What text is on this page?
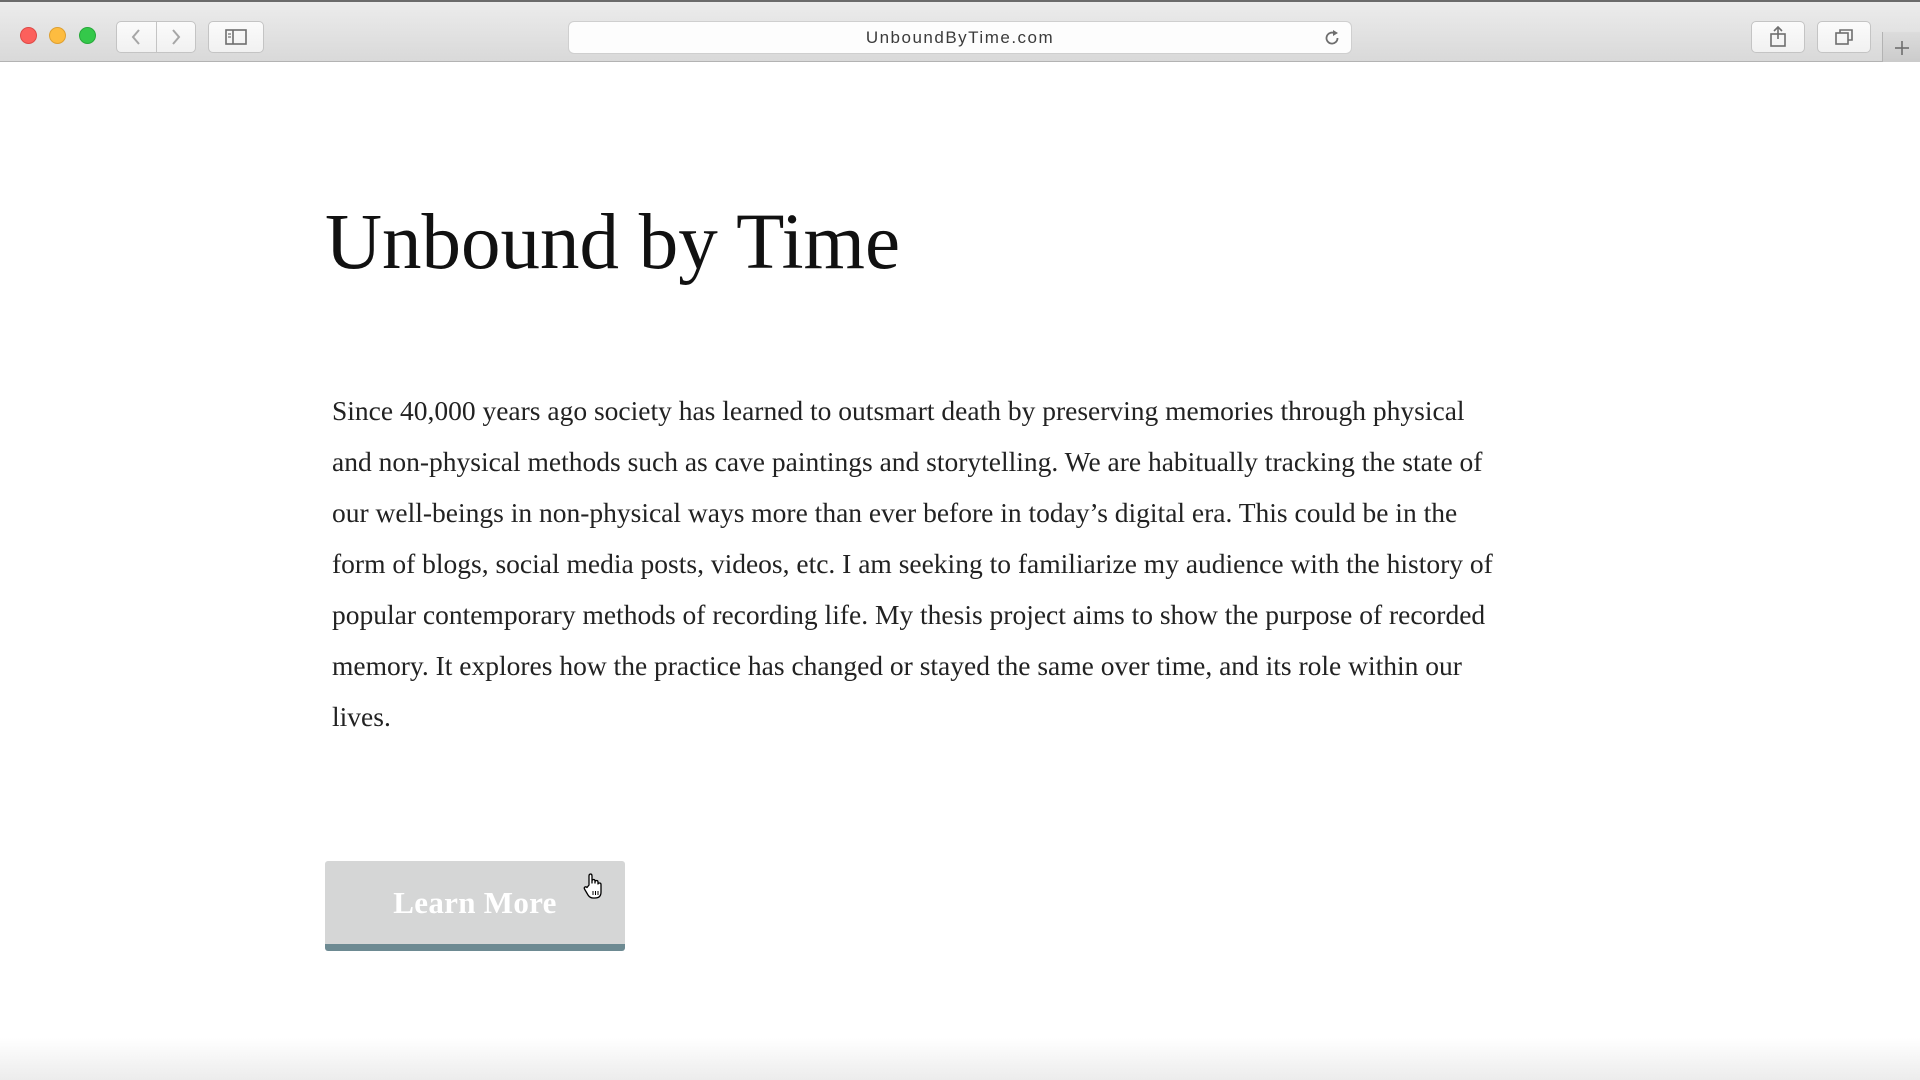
UnboundByTime.com
Unbound by Time

Since 40,000 years ago society has learned to outsmart death by preserving memories through physical and non-physical methods such as cave paintings and storytelling. We are habitually tracking the state of our well-beings in non-physical ways more than ever before in today’s digital era. This could be in the form of blogs, social media posts, videos, etc. I am seeking to familiarize my audience with the history of popular contemporary methods of recording life. My thesis project aims to show the purpose of recorded memory. It explores how the practice has changed or stayed the same over time, and its role within our lives.

Learn More
